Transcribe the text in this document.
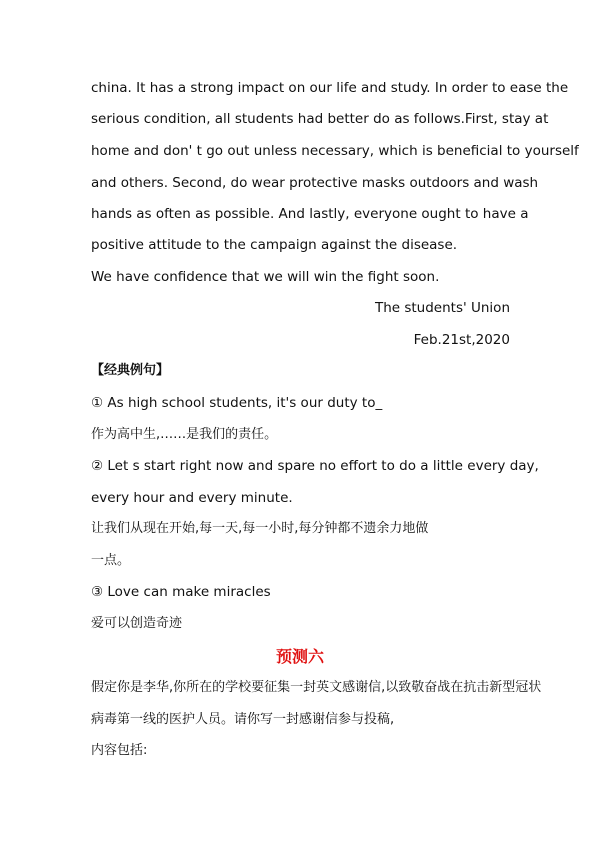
china. It has a strong impact on our life and study. In order to ease the
serious condition, all students had better do as follows.First, stay at
home and don' t go out unless necessary, which is beneficial to yourself
and others. Second, do wear protective masks outdoors and wash
hands as often as possible. And lastly, everyone ought to have a
positive attitude to the campaign against the disease.
We have confidence that we will win the fight soon.
The students' Union
Feb.21st,2020
【经典例句】
① As high school students, it's our duty to_
作为高中生,……是我们的责任。
② Let s start right now and spare no effort to do a little every day,
every hour and every minute.
让我们从现在开始,每一天,每一小时,每分钟都不遗余力地做
一点。
③ Love can make miracles
爱可以创造奇迹
预测六
假定你是李华,你所在的学校要征集一封英文感谢信,以致敬奋战在抗击新型冠状
病毒第一线的医护人员。请你写一封感谢信参与投稿,
内容包括:
